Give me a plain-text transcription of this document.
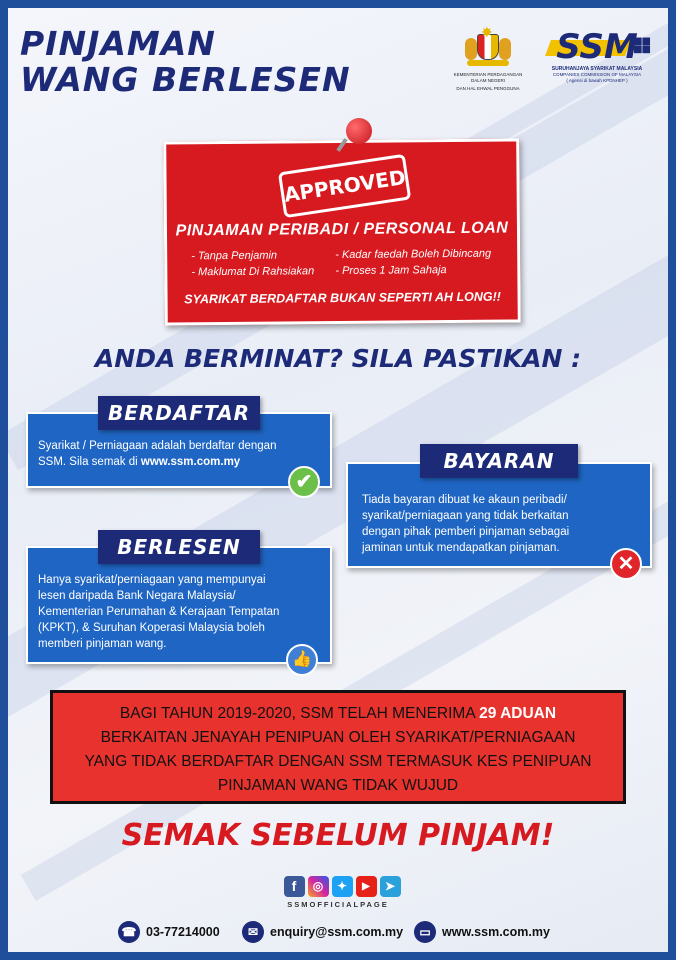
PINJAMAN
WANG BERLESEN
✸
KEMENTERIAN PERDAGANGAN DALAM NEGERI
DAN HAL EHWAL PENGGUNA
SSM
■■
■■
SURUHANJAYA SYARIKAT MALAYSIA
COMPANIES COMMISSION OF MALAYSIA
( Agensi di bawah KPDNHEP )
APPROVED
PINJAMAN PERIBADI / PERSONAL LOAN
- Tanpa Penjamin	- Kadar faedah Boleh Dibincang
- Maklumat Di Rahsiakan - Proses 1 Jam Sahaja
SYARIKAT BERDAFTAR BUKAN SEPERTI AH LONG!!
ANDA BERMINAT? SILA PASTIKAN :
Syarikat / Perniagaan adalah berdaftar dengan
SSM. Sila semak di www.ssm.com.my
✔
BERDAFTAR
Tiada bayaran dibuat ke akaun peribadi/
syarikat/perniagaan yang tidak berkaitan
dengan pihak pemberi pinjaman sebagai
jaminan untuk mendapatkan pinjaman.
✕
BAYARAN
Hanya syarikat/perniagaan yang mempunyai
lesen daripada Bank Negara Malaysia/
Kementerian Perumahan & Kerajaan Tempatan
(KPKT), & Suruhan Koperasi Malaysia boleh
memberi pinjaman wang.
👍
BERLESEN
BAGI TAHUN 2019-2020, SSM TELAH MENERIMA 29 ADUAN
BERKAITAN JENAYAH PENIPUAN OLEH SYARIKAT/PERNIAGAAN
YANG TIDAK BERDAFTAR DENGAN SSM TERMASUK KES PENIPUAN
PINJAMAN WANG TIDAK WUJUD
SEMAK SEBELUM PINJAM!
f	◎	✦	▶	➤
SSMOFFICIALPAGE
☎ 03-77214000	✉ enquiry@ssm.com.my	▭ www.ssm.com.my
